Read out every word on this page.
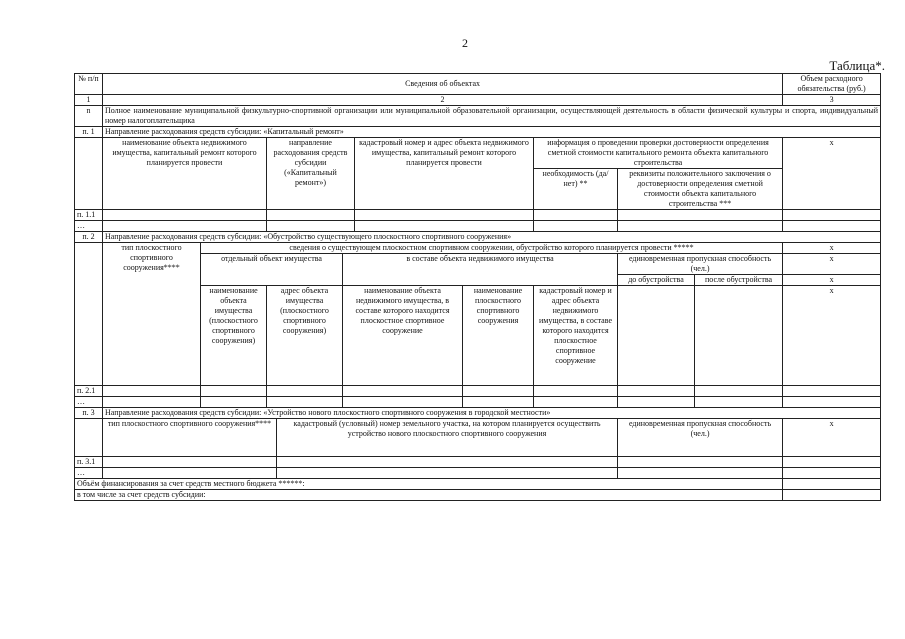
2
Таблица*.
№ п/п	Сведения об объектах										Объем расходного обязательства (руб.)
1	2										3
n	Полное наименование муниципальной физкультурно-спортивной организации или муниципальной образовательной организации, осуществляющей деятельность в области физической культуры и спорта, индивидуальный номер налогоплательщика										
п. 1	Направление расходования средств субсидии: «Капитальный ремонт»										
	наименование объекта недвижимого имущества, капитальный ремонт которого планируется провести		направление расходования средств субсидии («Капитальный ремонт»)			кадастровый номер и адрес объекта недвижимого имущества, капитальный ремонт которого планируется провести		информация о проведении проверки достоверности определения сметной стоимости капитального ремонта объекта капитального строительства			х
								необходимость (да/нет) **	реквизиты положительного заключения о достоверности определения сметной стоимости объекта капитального строительства ***		
п. 1.1											
…											
п. 2	Направление расходования средств субсидии: «Обустройство существующего плоскостного спортивного сооружения»										
	тип плоскостного спортивного сооружения****	сведения о существующем плоскостном спортивном сооружении, обустройство которого планируется провести *****									х
		отдельный объект имущества			в составе объекта недвижимого имущества				единовременная пропускная способность (чел.)		х
									до обустройства	после обустройства	х
		наименование объекта имущества (плоскостного спортивного сооружения)	адрес объекта имущества (плоскостного спортивного сооружения)		наименование объекта недвижимого имущества, в составе которого находится плоскостное спортивное сооружение		наименование плоскостного спортивного сооружения	кадастровый номер и адрес объекта недвижимого имущества, в составе которого находится плоскостное спортивное сооружение			х
п. 2.1											
…											
п. 3	Направление расходования средств субсидии: «Устройство нового плоскостного спортивного сооружения в городской местности»										
	тип плоскостного спортивного сооружения****			кадастровый (условный) номер земельного участка, на котором планируется осуществить устройство нового плоскостного спортивного сооружения					единовременная пропускная способность (чел.)		х
п. 3.1											
…											
Объём финансирования за счет средств местного бюджета ******:											
в том числе за счет средств субсидии:											
